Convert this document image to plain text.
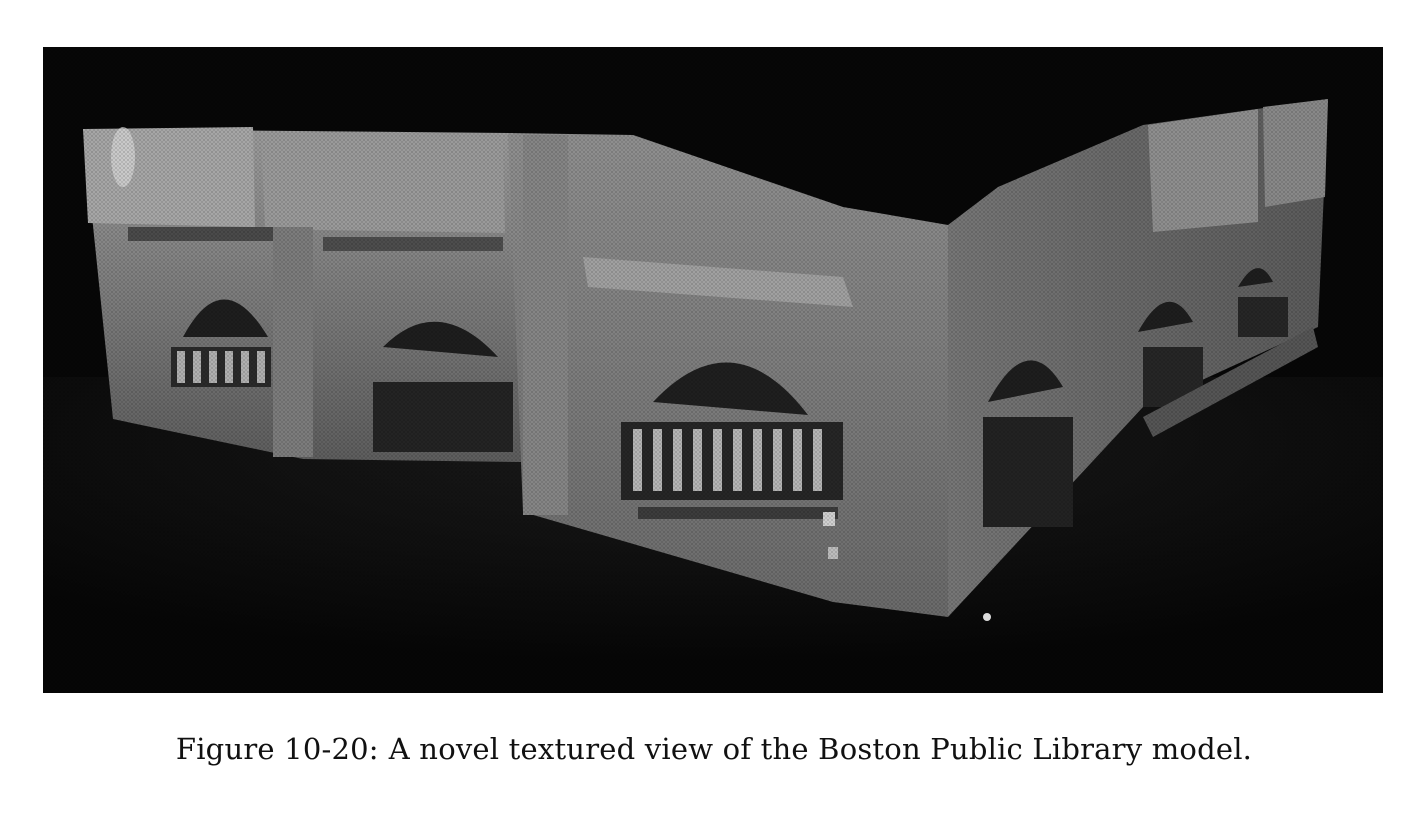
Figure 10-20: A novel textured view of the Boston Public Library model.
